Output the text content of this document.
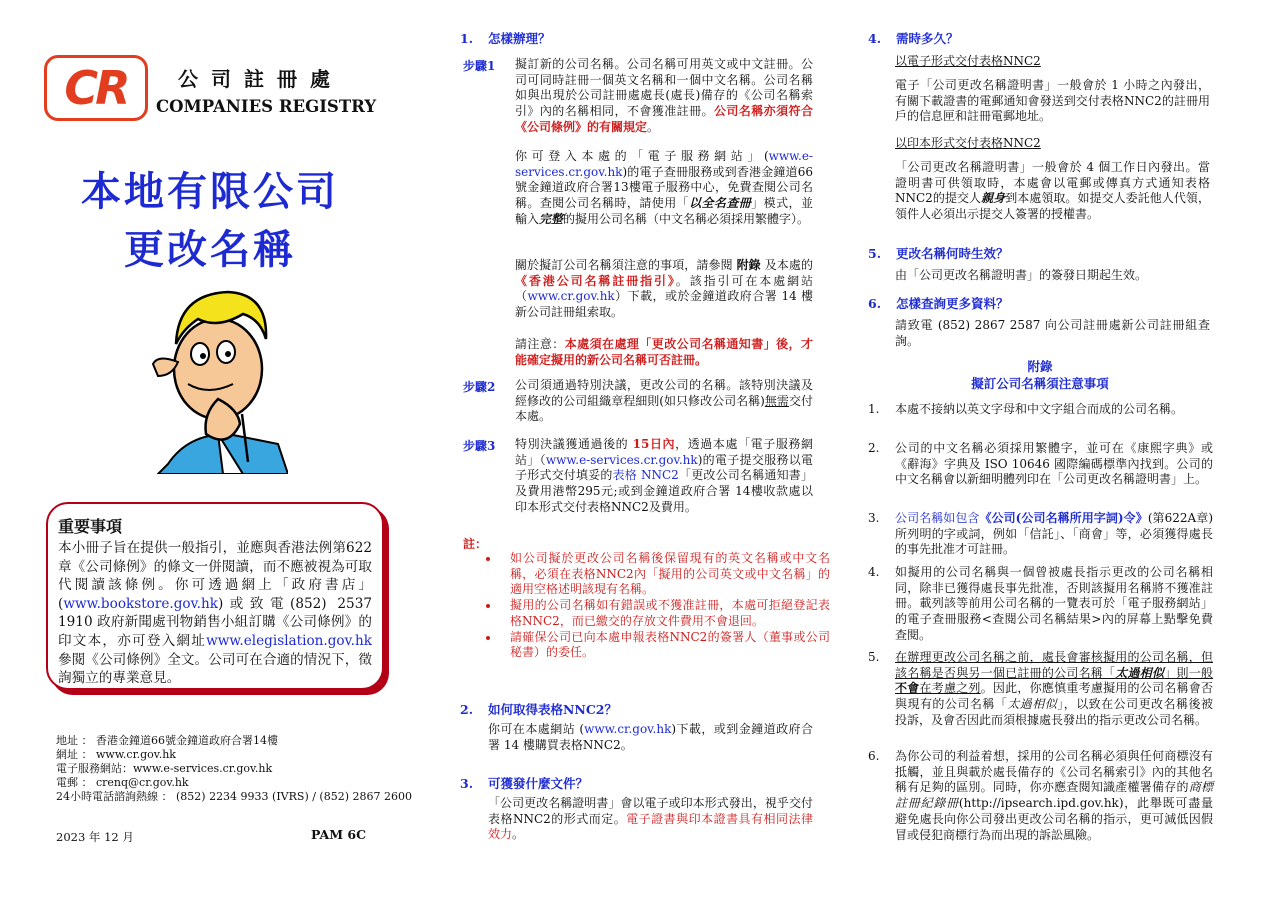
CR	公司註冊處
COMPANIES REGISTRY
本地有限公司
更改名稱
重要事項

本小冊子旨在提供一般指引，並應與香港法例第622章《公司條例》的條文一併閱讀，而不應被視為可取代閱讀該條例。你可透過網上「政府書店」(www.bookstore.gov.hk)或致電(852) 2537 1910 政府新聞處刊物銷售小組訂購《公司條例》的印文本，亦可登入網址www.elegislation.gov.hk參閱《公司條例》全文。公司可在合適的情況下，徵詢獨立的專業意見。

地址 ： 香港金鐘道66號金鐘道政府合署14樓
網址 ： www.cr.gov.hk
電子服務網站：www.e-services.cr.gov.hk
電郵 ： crenq@cr.gov.hk
24小時電話諮詢熱線 ： (852) 2234 9933 (IVRS) / (852) 2867 2600
2023 年 12 月	PAM 6C
1. 怎樣辦理？
步驟1 擬訂新的公司名稱。公司名稱可用英文或中文註冊。公司可同時註冊一個英文名稱和一個中文名稱。公司名稱如與出現於公司註冊處處長(處長)備存的《公司名稱索引》內的名稱相同，不會獲准註冊。公司名稱亦須符合《公司條例》的有關規定。
你可登入本處的「電子服務網站」(www.e-services.cr.gov.hk)的電子查冊服務或到香港金鐘道66號金鐘道政府合署13樓電子服務中心，免費查閱公司名稱。查閱公司名稱時，請使用「以全名查冊」模式，並輸入完整的擬用公司名稱（中文名稱必須採用繁體字）。
關於擬訂公司名稱須注意的事項，請參閱 附錄 及本處的《香港公司名稱註冊指引》。該指引可在本處網站（www.cr.gov.hk）下載，或於金鐘道政府合署 14 樓新公司註冊組索取。
請注意：本處須在處理「更改公司名稱通知書」後，才能確定擬用的新公司名稱可否註冊。
步驟2 公司須通過特別決議，更改公司的名稱。該特別決議及經修改的公司組織章程細則(如只修改公司名稱)無需交付本處。
步驟3 特別決議獲通過後的 15日內，透過本處「電子服務網站」（www.e-services.cr.gov.hk)的電子提交服務以電子形式交付填妥的表格 NNC2「更改公司名稱通知書」及費用港幣295元;或到金鐘道政府合署 14樓收款處以印本形式交付表格NNC2及費用。
註：
• 如公司擬於更改公司名稱後保留現有的英文名稱或中文名稱，必須在表格NNC2內「擬用的公司英文或中文名稱」的適用空格述明該現有名稱。
• 擬用的公司名稱如有錯誤或不獲准註冊，本處可拒絕登記表格NNC2，而已繳交的存放文件費用不會退回。
• 請確保公司已向本處申報表格NNC2的簽署人（董事或公司秘書）的委任。
2. 如何取得表格NNC2？
你可在本處網站 (www.cr.gov.hk)下載，或到金鐘道政府合署 14 樓購買表格NNC2。
3. 可獲發什麼文件？
「公司更改名稱證明書」會以電子或印本形式發出，視乎交付表格NNC2的形式而定。電子證書與印本證書具有相同法律效力。
4. 需時多久？
以電子形式交付表格NNC2
電子「公司更改名稱證明書」一般會於 1 小時之內發出，有關下載證書的電郵通知會發送到交付表格NNC2的註冊用戶的信息匣和註冊電郵地址。
以印本形式交付表格NNC2
「公司更改名稱證明書」一般會於 4 個工作日內發出。當證明書可供領取時，本處會以電郵或傳真方式通知表格NNC2的提交人親身到本處領取。如提交人委託他人代領，領件人必須出示提交人簽署的授權書。
5. 更改名稱何時生效？
由「公司更改名稱證明書」的簽發日期起生效。
6. 怎樣查詢更多資料？
請致電 (852) 2867 2587 向公司註冊處新公司註冊組查詢。
附錄
擬訂公司名稱須注意事項
1. 本處不接納以英文字母和中文字組合而成的公司名稱。
2. 公司的中文名稱必須採用繁體字，並可在《康熙字典》或《辭海》字典及 ISO 10646 國際編碼標準內找到。公司的中文名稱會以新細明體列印在「公司更改名稱證明書」上。
3. 公司名稱如包含《公司(公司名稱所用字詞)令》(第622A章)所列明的字或詞，例如「信託」、「商會」等，必須獲得處長的事先批准才可註冊。
4. 如擬用的公司名稱與一個曾被處長指示更改的公司名稱相同，除非已獲得處長事先批准，否則該擬用名稱將不獲准註冊。載列該等前用公司名稱的一覽表可於「電子服務網站」 的電子查冊服務<查閱公司名稱結果>內的屏幕上點擊免費查閱。
5. 在辦理更改公司名稱之前，處長會審核擬用的公司名稱，但該名稱是否與另一個已註冊的公司名稱「太過相似」則一般不會在考慮之列。因此，你應慎重考慮擬用的公司名稱會否與現有的公司名稱「太過相似」，以致在公司更改名稱後被投訴，及會否因此而須根據處長發出的指示更改公司名稱。
6. 為你公司的利益着想，採用的公司名稱必須與任何商標沒有抵觸，並且與載於處長備存的《公司名稱索引》內的其他名稱有足夠的區別。同時，你亦應查閱知識產權署備存的商標註冊紀錄冊(http://ipsearch.ipd.gov.hk)，此舉既可盡量避免處長向你公司發出更改公司名稱的指示，更可減低因假冒或侵犯商標行為而出現的訴訟風險。
